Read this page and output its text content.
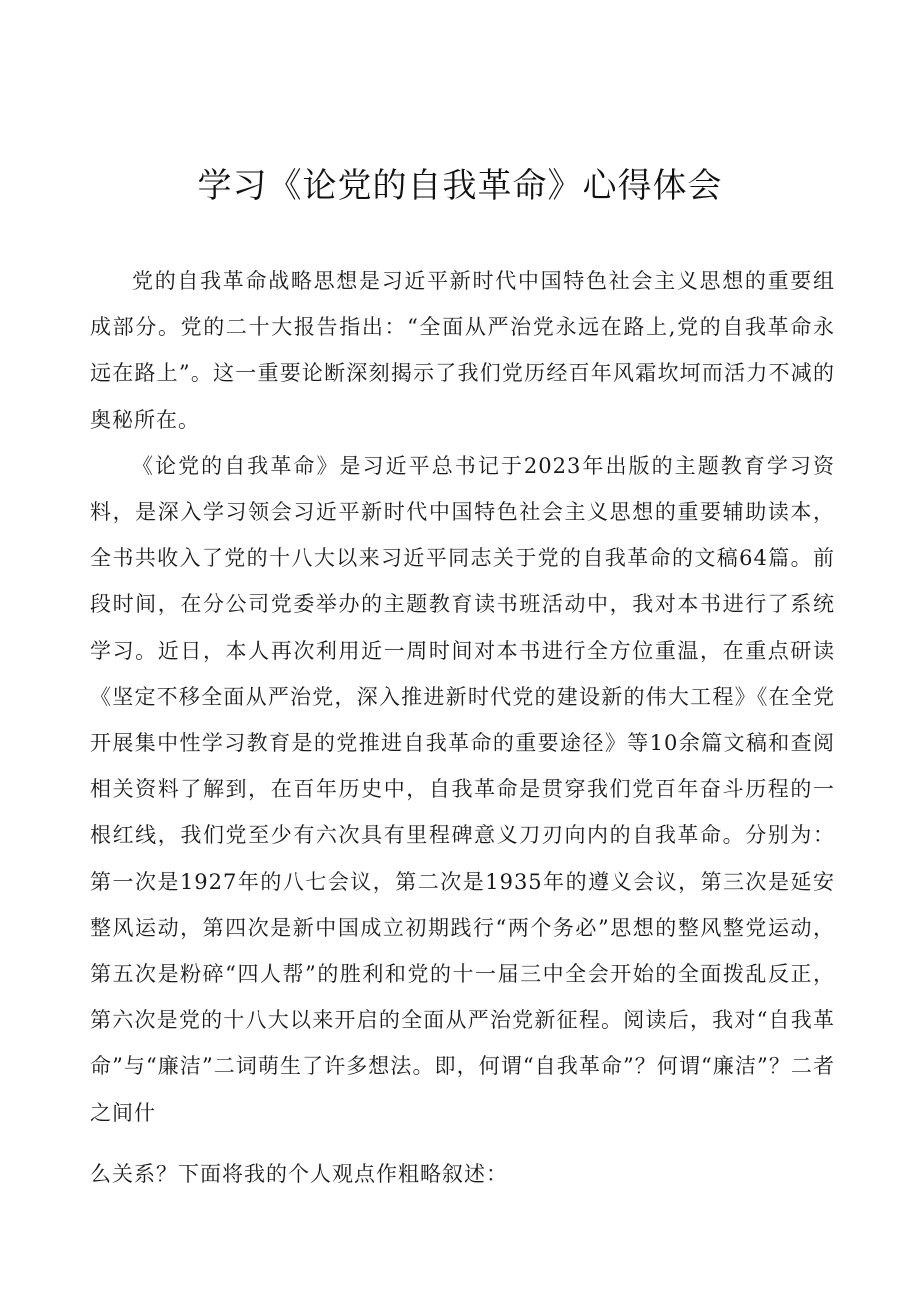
学习《论党的自我革命》心得体会

党的自我革命战略思想是习近平新时代中国特色社会主义思想的重要组成部分。党的二十大报告指出：“全面从严治党永远在路上,党的自我革命永远在路上”。这一重要论断深刻揭示了我们党历经百年风霜坎坷而活力不减的奥秘所在。

《论党的自我革命》是习近平总书记于2023年出版的主题教育学习资料，是深入学习领会习近平新时代中国特色社会主义思想的重要辅助读本，全书共收入了党的十八大以来习近平同志关于党的自我革命的文稿64篇。前段时间，在分公司党委举办的主题教育读书班活动中，我对本书进行了系统学习。近日，本人再次利用近一周时间对本书进行全方位重温，在重点研读《坚定不移全面从严治党，深入推进新时代党的建设新的伟大工程》《在全党开展集中性学习教育是的党推进自我革命的重要途径》等10余篇文稿和查阅相关资料了解到，在百年历史中，自我革命是贯穿我们党百年奋斗历程的一根红线，我们党至少有六次具有里程碑意义刀刃向内的自我革命。分别为：第一次是1927年的八七会议，第二次是1935年的遵义会议，第三次是延安整风运动，第四次是新中国成立初期践行“两个务必”思想的整风整党运动，第五次是粉碎“四人帮”的胜利和党的十一届三中全会开始的全面拨乱反正，第六次是党的十八大以来开启的全面从严治党新征程。阅读后，我对“自我革命”与“廉洁”二词萌生了许多想法。即，何谓“自我革命”？何谓“廉洁”？二者之间什

么关系？下面将我的个人观点作粗略叙述：
